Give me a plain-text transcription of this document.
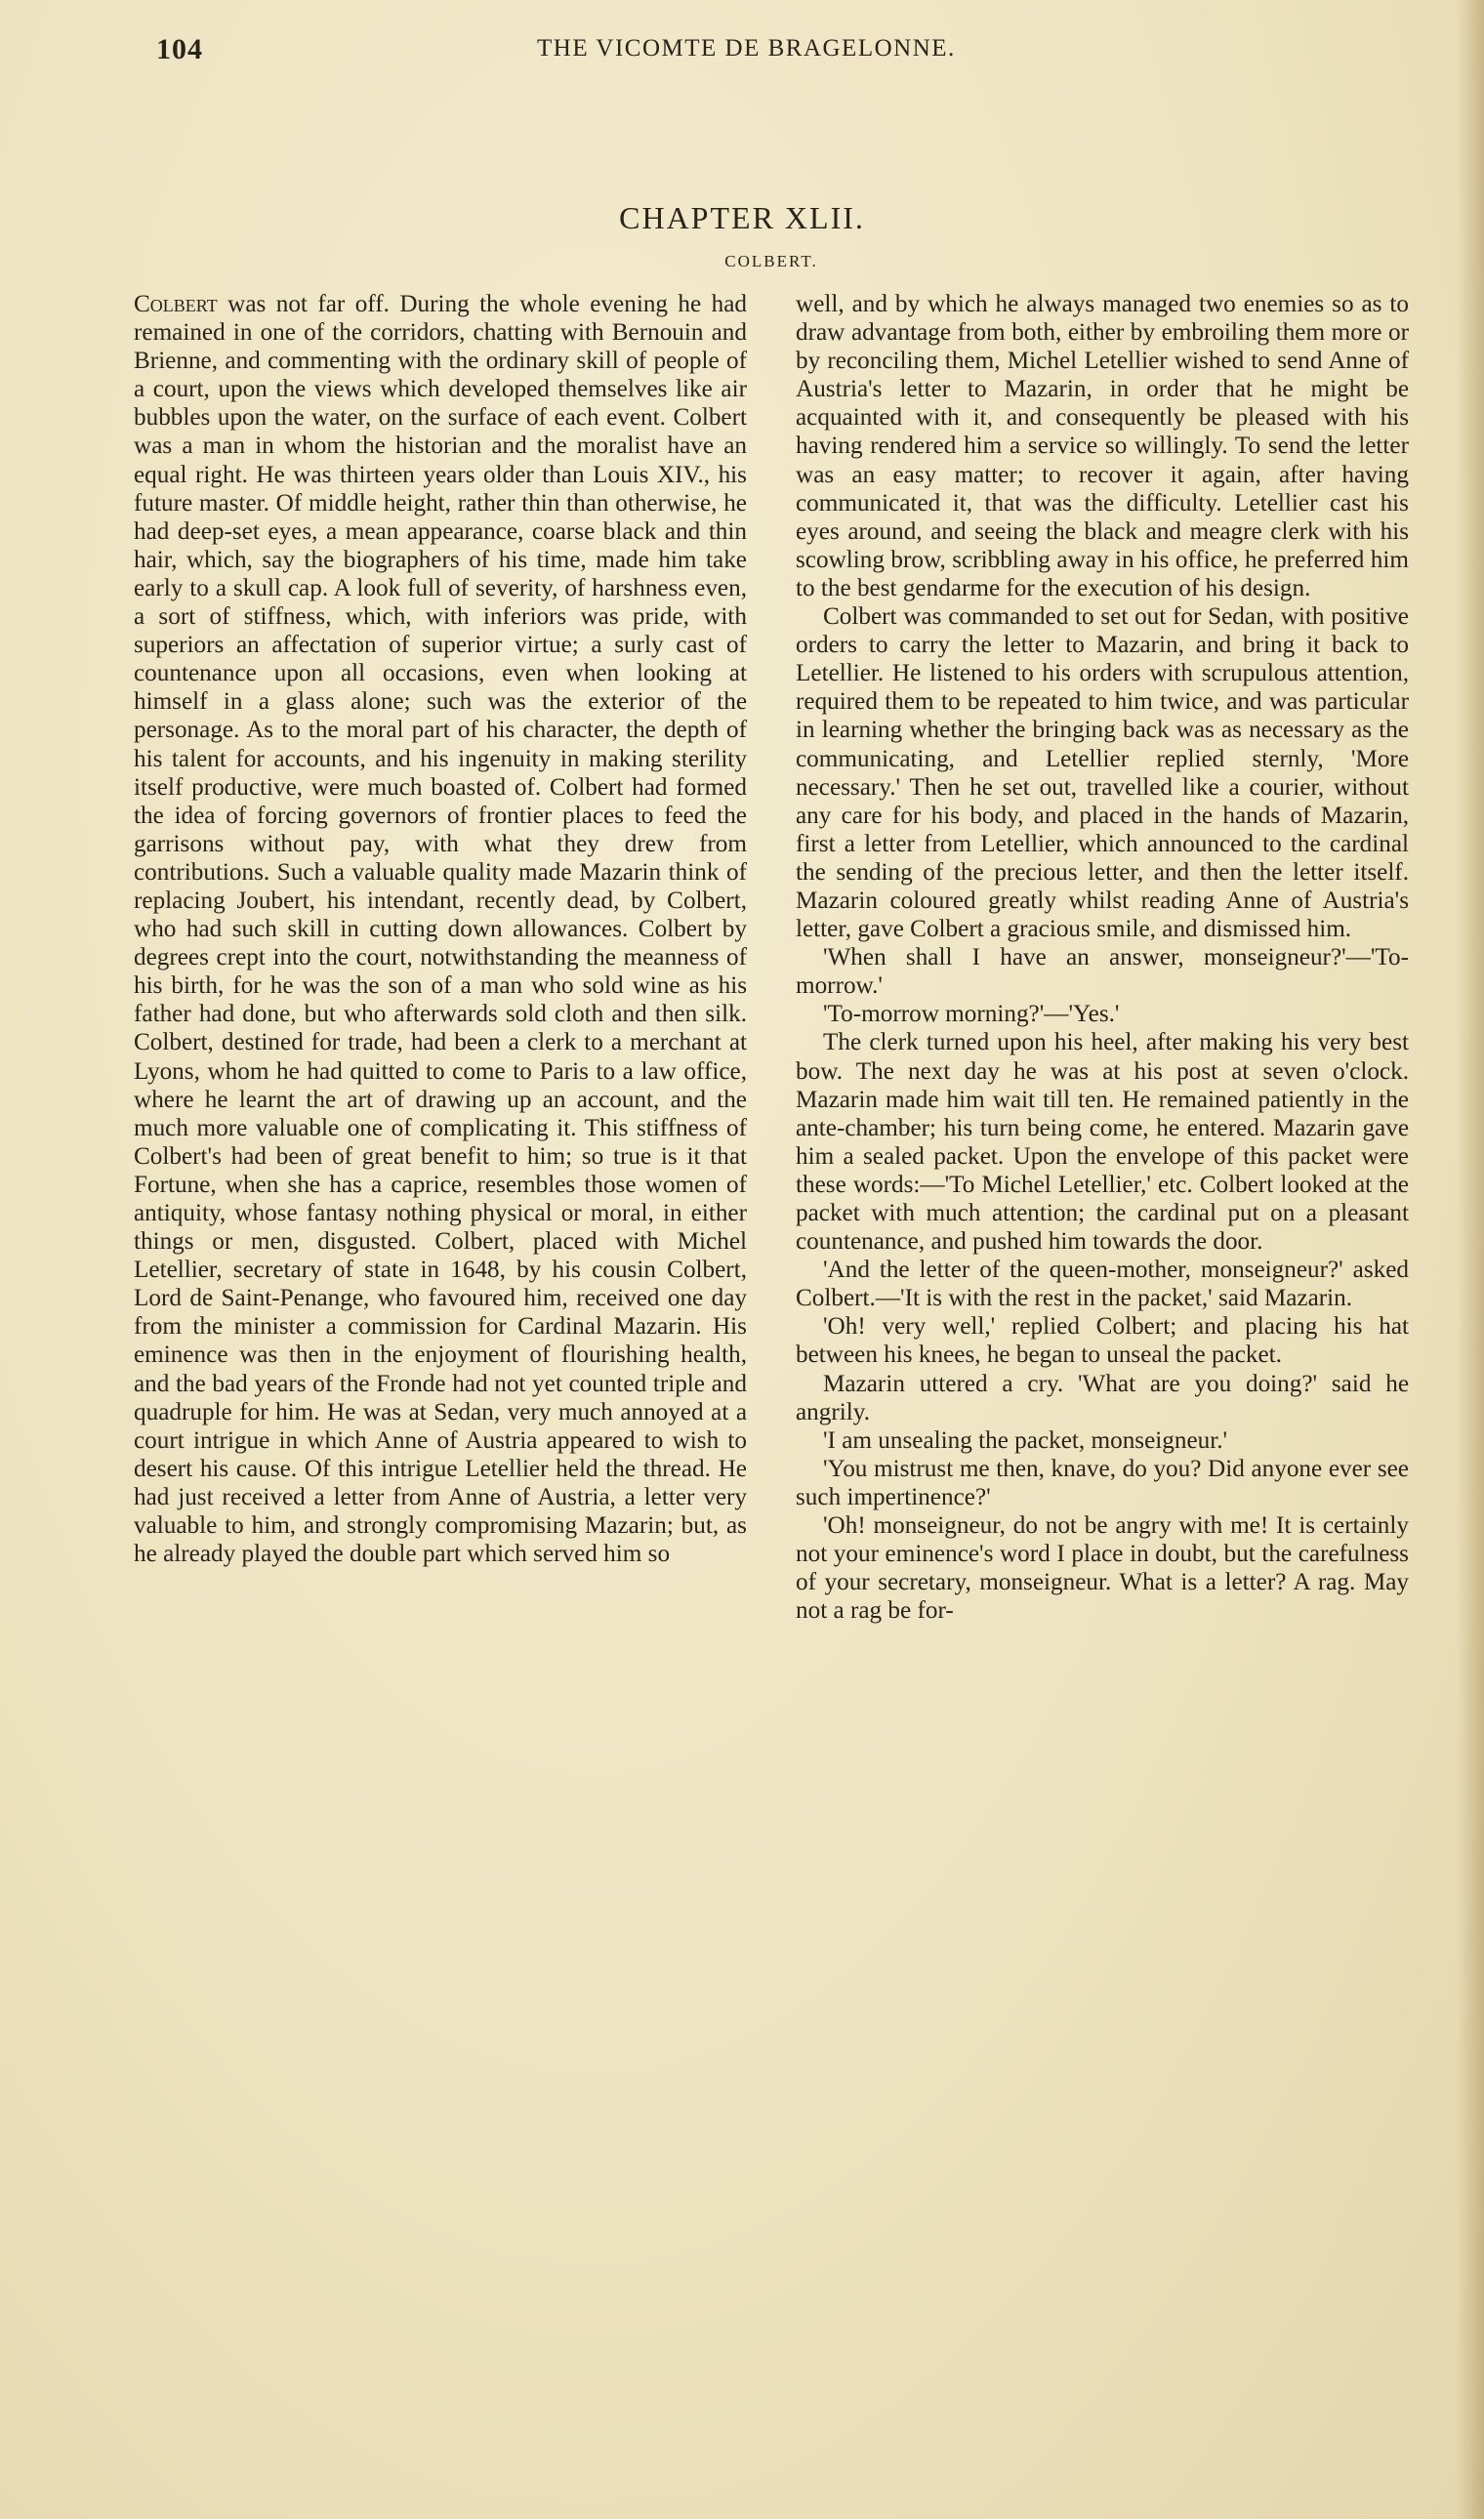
104	THE VICOMTE DE BRAGELONNE.
CHAPTER XLII.
COLBERT.

Colbert was not far off. During the whole evening he had remained in one of the corridors, chatting with Bernouin and Brienne, and commenting with the ordinary skill of people of a court, upon the views which developed themselves like air bubbles upon the water, on the surface of each event. Colbert was a man in whom the historian and the moralist have an equal right. He was thirteen years older than Louis XIV., his future master. Of middle height, rather thin than otherwise, he had deep-set eyes, a mean appearance, coarse black and thin hair, which, say the biographers of his time, made him take early to a skull cap. A look full of severity, of harshness even, a sort of stiffness, which, with inferiors was pride, with superiors an affectation of superior virtue; a surly cast of countenance upon all occasions, even when looking at himself in a glass alone; such was the exterior of the personage. As to the moral part of his character, the depth of his talent for accounts, and his ingenuity in making sterility itself productive, were much boasted of. Colbert had formed the idea of forcing governors of frontier places to feed the garrisons without pay, with what they drew from contributions. Such a valuable quality made Mazarin think of replacing Joubert, his intendant, recently dead, by Colbert, who had such skill in cutting down allowances. Colbert by degrees crept into the court, notwithstanding the meanness of his birth, for he was the son of a man who sold wine as his father had done, but who afterwards sold cloth and then silk. Colbert, destined for trade, had been a clerk to a merchant at Lyons, whom he had quitted to come to Paris to a law office, where he learnt the art of drawing up an account, and the much more valuable one of complicating it. This stiffness of Colbert's had been of great benefit to him; so true is it that Fortune, when she has a caprice, resembles those women of antiquity, whose fantasy nothing physical or moral, in either things or men, disgusted. Colbert, placed with Michel Letellier, secretary of state in 1648, by his cousin Colbert, Lord de Saint-Penange, who favoured him, received one day from the minister a commission for Cardinal Mazarin. His eminence was then in the enjoyment of flourishing health, and the bad years of the Fronde had not yet counted triple and quadruple for him. He was at Sedan, very much annoyed at a court intrigue in which Anne of Austria appeared to wish to desert his cause. Of this intrigue Letellier held the thread. He had just received a letter from Anne of Austria, a letter very valuable to him, and strongly compromising Mazarin; but, as he already played the double part which served him so

well, and by which he always managed two enemies so as to draw advantage from both, either by embroiling them more or by reconciling them, Michel Letellier wished to send Anne of Austria's letter to Mazarin, in order that he might be acquainted with it, and consequently be pleased with his having rendered him a service so willingly. To send the letter was an easy matter; to recover it again, after having communicated it, that was the difficulty. Letellier cast his eyes around, and seeing the black and meagre clerk with his scowling brow, scribbling away in his office, he preferred him to the best gendarme for the execution of his design.

Colbert was commanded to set out for Sedan, with positive orders to carry the letter to Mazarin, and bring it back to Letellier. He listened to his orders with scrupulous attention, required them to be repeated to him twice, and was particular in learning whether the bringing back was as necessary as the communicating, and Letellier replied sternly, 'More necessary.' Then he set out, travelled like a courier, without any care for his body, and placed in the hands of Mazarin, first a letter from Letellier, which announced to the cardinal the sending of the precious letter, and then the letter itself. Mazarin coloured greatly whilst reading Anne of Austria's letter, gave Colbert a gracious smile, and dismissed him.

'When shall I have an answer, monseigneur?'—'To-morrow.'

'To-morrow morning?'—'Yes.'

The clerk turned upon his heel, after making his very best bow. The next day he was at his post at seven o'clock. Mazarin made him wait till ten. He remained patiently in the ante-chamber; his turn being come, he entered. Mazarin gave him a sealed packet. Upon the envelope of this packet were these words:—'To Michel Letellier,' etc. Colbert looked at the packet with much attention; the cardinal put on a pleasant countenance, and pushed him towards the door.

'And the letter of the queen-mother, monseigneur?' asked Colbert.—'It is with the rest in the packet,' said Mazarin.

'Oh! very well,' replied Colbert; and placing his hat between his knees, he began to unseal the packet.

Mazarin uttered a cry. 'What are you doing?' said he angrily.

'I am unsealing the packet, monseigneur.'

'You mistrust me then, knave, do you? Did anyone ever see such impertinence?'

'Oh! monseigneur, do not be angry with me! It is certainly not your eminence's word I place in doubt, but the carefulness of your secretary, monseigneur. What is a letter? A rag. May not a rag be for-
